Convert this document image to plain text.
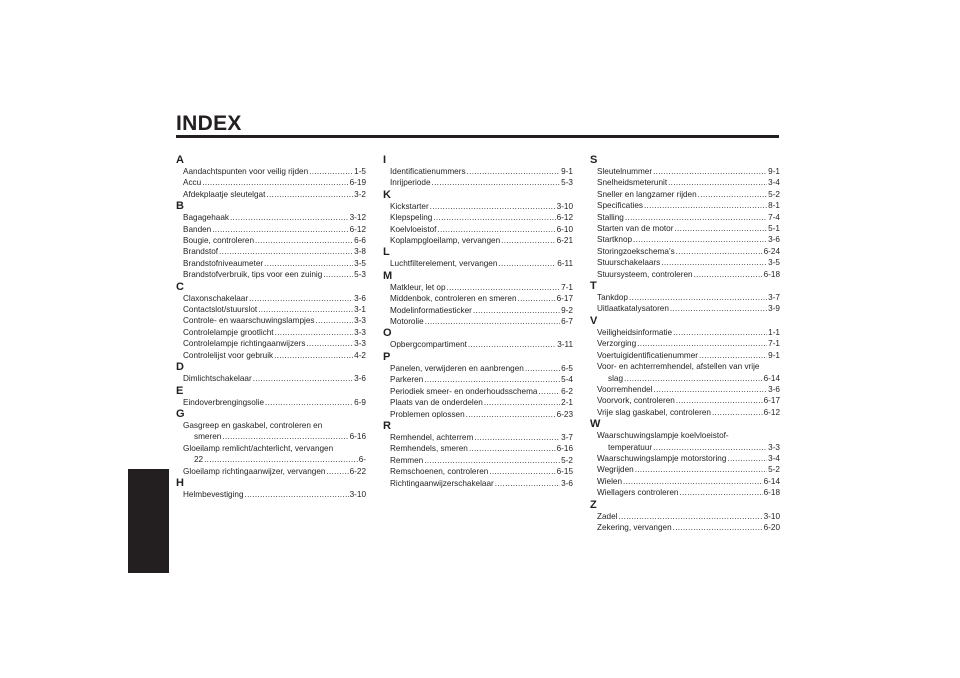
INDEX
A
Aandachtspunten voor veilig rijden .....	1-5
Accu .....	6-19
Afdekplaatje sleutelgat .....	3-2
B
Bagagehaak .....	3-12
Banden .....	6-12
Bougie, controleren .....	6-6
Brandstof .....	3-8
Brandstofniveaumeter .....	3-5
Brandstofverbruik, tips voor een zuinig .....	5-3
C
Claxonschakelaar .....	3-6
Contactslot/stuurslot .....	3-1
Controle- en waarschuwingslampjes .....	3-3
Controlelampje grootlicht .....	3-3
Controlelampje richtingaanwijzers .....	3-3
Controlelijst voor gebruik .....	4-2
D
Dimlichtschakelaar .....	3-6
E
Eindoverbrengingsolie .....	6-9
G
Gasgreep en gaskabel, controleren en
smeren .....	6-16
Gloeilamp remlicht/achterlicht, vervangen
22 .....	6-
Gloeilamp richtingaanwijzer, vervangen .....	6-22
H
Helmbevestiging .....	3-10
I
Identificatienummers .....	9-1
Inrijperiode .....	5-3
K
Kickstarter .....	3-10
Klepspeling .....	6-12
Koelvloeistof .....	6-10
Koplampgloeilamp, vervangen .....	6-21
L
Luchtfilterelement, vervangen .....	6-11
M
Matkleur, let op .....	7-1
Middenbok, controleren en smeren .....	6-17
Modelinformatiesticker .....	9-2
Motorolie .....	6-7
O
Opbergcompartiment .....	3-11
P
Panelen, verwijderen en aanbrengen .....	6-5
Parkeren .....	5-4
Periodiek smeer- en onderhoudsschema .....	6-2
Plaats van de onderdelen .....	2-1
Problemen oplossen .....	6-23
R
Remhendel, achterrem .....	3-7
Remhendels, smeren .....	6-16
Remmen .....	5-2
Remschoenen, controleren .....	6-15
Richtingaanwijzerschakelaar .....	3-6
S
Sleutelnummer .....	9-1
Snelheidsmeterunit .....	3-4
Sneller en langzamer rijden .....	5-2
Specificaties .....	8-1
Stalling .....	7-4
Starten van de motor .....	5-1
Startknop .....	3-6
Storingzoekschema’s .....	6-24
Stuurschakelaars .....	3-5
Stuursysteem, controleren .....	6-18
T
Tankdop .....	3-7
Uitlaatkatalysatoren .....	3-9
V
Veiligheidsinformatie .....	1-1
Verzorging .....	7-1
Voertuigidentificatienummer .....	9-1
Voor- en achterremhendel, afstellen van vrije
slag .....	6-14
Voorremhendel .....	3-6
Voorvork, controleren .....	6-17
Vrije slag gaskabel, controleren .....	6-12
W
Waarschuwingslampje koelvloeistof-
temperatuur .....	3-3
Waarschuwingslampje motorstoring .....	3-4
Wegrijden .....	5-2
Wielen .....	6-14
Wiellagers controleren .....	6-18
Z
Zadel .....	3-10
Zekering, vervangen .....	6-20
